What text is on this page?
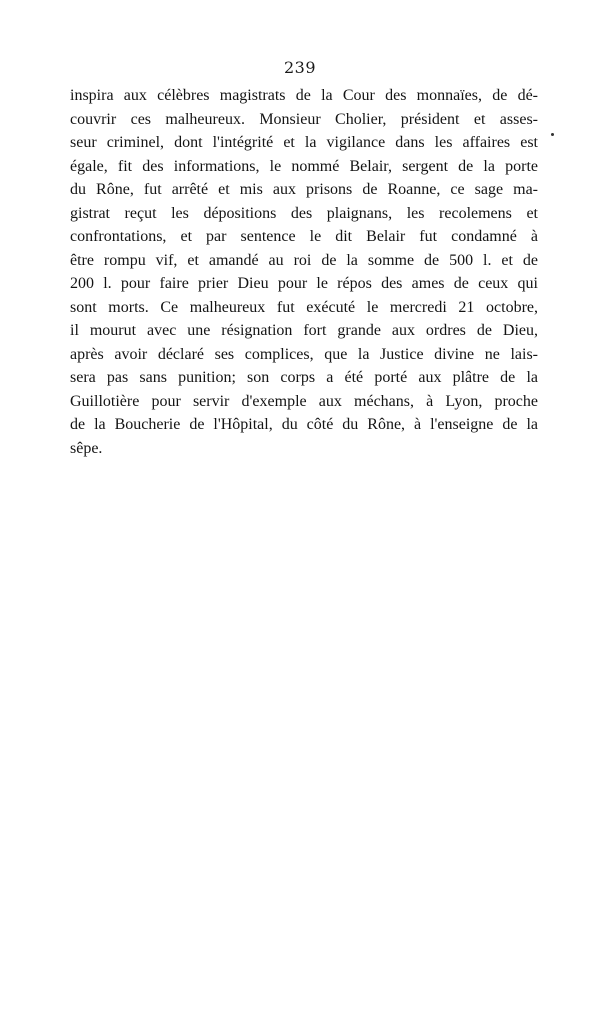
239
inspira aux célèbres magistrats de la Cour des monnaïes, de dé-
couvrir ces malheureux. Monsieur Cholier, président et asses-
seur criminel, dont l'intégrité et la vigilance dans les affaires est
égale, fit des informations, le nommé Belair, sergent de la porte
du Rône, fut arrêté et mis aux prisons de Roanne, ce sage ma-
gistrat reçut les dépositions des plaignans, les recolemens et
confrontations, et par sentence le dit Belair fut condamné à
être rompu vif, et amandé au roi de la somme de 500 l. et de
200 l. pour faire prier Dieu pour le répos des ames de ceux qui
sont morts. Ce malheureux fut exécuté le mercredi 21 octobre,
il mourut avec une résignation fort grande aux ordres de Dieu,
après avoir déclaré ses complices, que la Justice divine ne lais-
sera pas sans punition; son corps a été porté aux plâtre de la
Guillotière pour servir d'exemple aux méchans, à Lyon, proche
de la Boucherie de l'Hôpital, du côté du Rône, à l'enseigne de la
sêpe.
